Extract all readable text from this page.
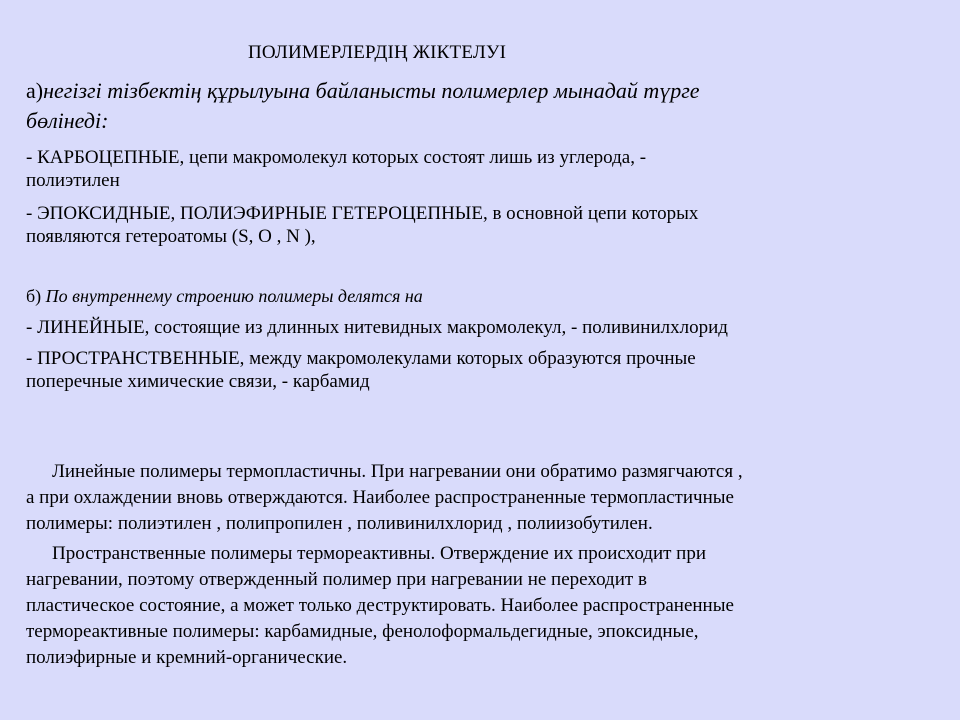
ПОЛИМЕРЛЕРДІҢ ЖІКТЕЛУІ
а)негізгі тізбектің құрылуына байланысты полимерлер мынадай түрге
бөлінеді:
- КАРБОЦЕПНЫЕ, цепи макромолекул которых состоят лишь из углерода, -
полиэтилен
- ЭПОКСИДНЫЕ, ПОЛИЭФИРНЫЕ ГЕТЕРОЦЕПНЫЕ, в основной цепи которых
появляются гетероатомы (S, O , N ),
б) По внутреннему строению полимеры делятся на
- ЛИНЕЙНЫЕ, состоящие из длинных нитевидных макромолекул, - поливинилхлорид
- ПРОСТРАНСТВЕННЫЕ, между макромолекулами которых образуются прочные
поперечные химические связи, - карбамид
Линейные полимеры термопластичны. При нагревании они обратимо размягчаются ,
а при охлаждении вновь отверждаются. Наиболее распространенные термопластичные
полимеры: полиэтилен , полипропилен , поливинилхлорид , полиизобутилен.
Пространственные полимеры термореактивны. Отверждение их происходит при
нагревании, поэтому отвержденный полимер при нагревании не переходит в
пластическое состояние, а может только деструктировать. Наиболее распространенные
термореактивные полимеры: карбамидные, фенолоформальдегидные, эпоксидные,
полиэфирные и кремний-органические.
